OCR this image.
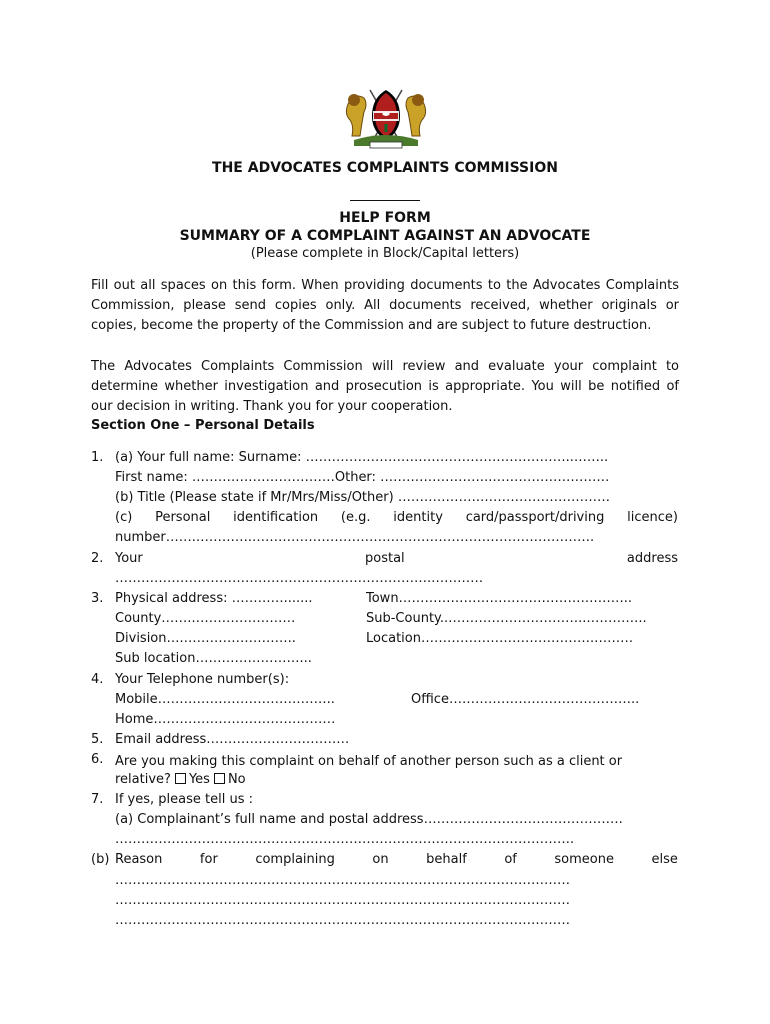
THE ADVOCATES COMPLAINTS COMMISSION
HELP FORM
SUMMARY OF A COMPLAINT AGAINST AN ADVOCATE
(Please complete in Block/Capital letters)
Fill out all spaces on this form. When providing documents to the Advocates Complaints Commission, please send copies only. All documents received, whether originals or copies, become the property of the Commission and are subject to future destruction.
The Advocates Complaints Commission will review and evaluate your complaint to determine whether investigation and prosecution is appropriate. You will be notified of our decision in writing. Thank you for your cooperation.
Section One – Personal Details
1. (a) Your full name: Surname: ……………………………………………………..……..
First name: ……………………………Other: ……………………..………………………
(b) Title (Please state if Mr/Mrs/Miss/Other) ……………….…………………………
(c) Personal identification (e.g. identity card/passport/driving licence)
number…….………….…………………………………………………………………….
2. Your	postal	address
……………………………………………………………….…………
3. Physical address: ………….......	Town……………………………………….……..
County…….……………………	Sub-County..…………………………..…………..
Division….……………………..	Location………………………………….………
Sub location……………………...
4. Your Telephone number(s):
Mobile…………………………………..	Office……………………………………..
Home……………………………………
5. Email address……………………………
6. Are you making this complaint on behalf of another person such as a client or
relative? Yes No
7. If yes, please tell us :
(a) Complainant’s full name and postal address……………………………………….
…………………………………………………………………………………………….
(b) Reason	for	complaining	on	behalf	of	someone	else
……………………………………………………………………………………………
……………………………………………………………………………………………
……………………………………………………………………………………………
